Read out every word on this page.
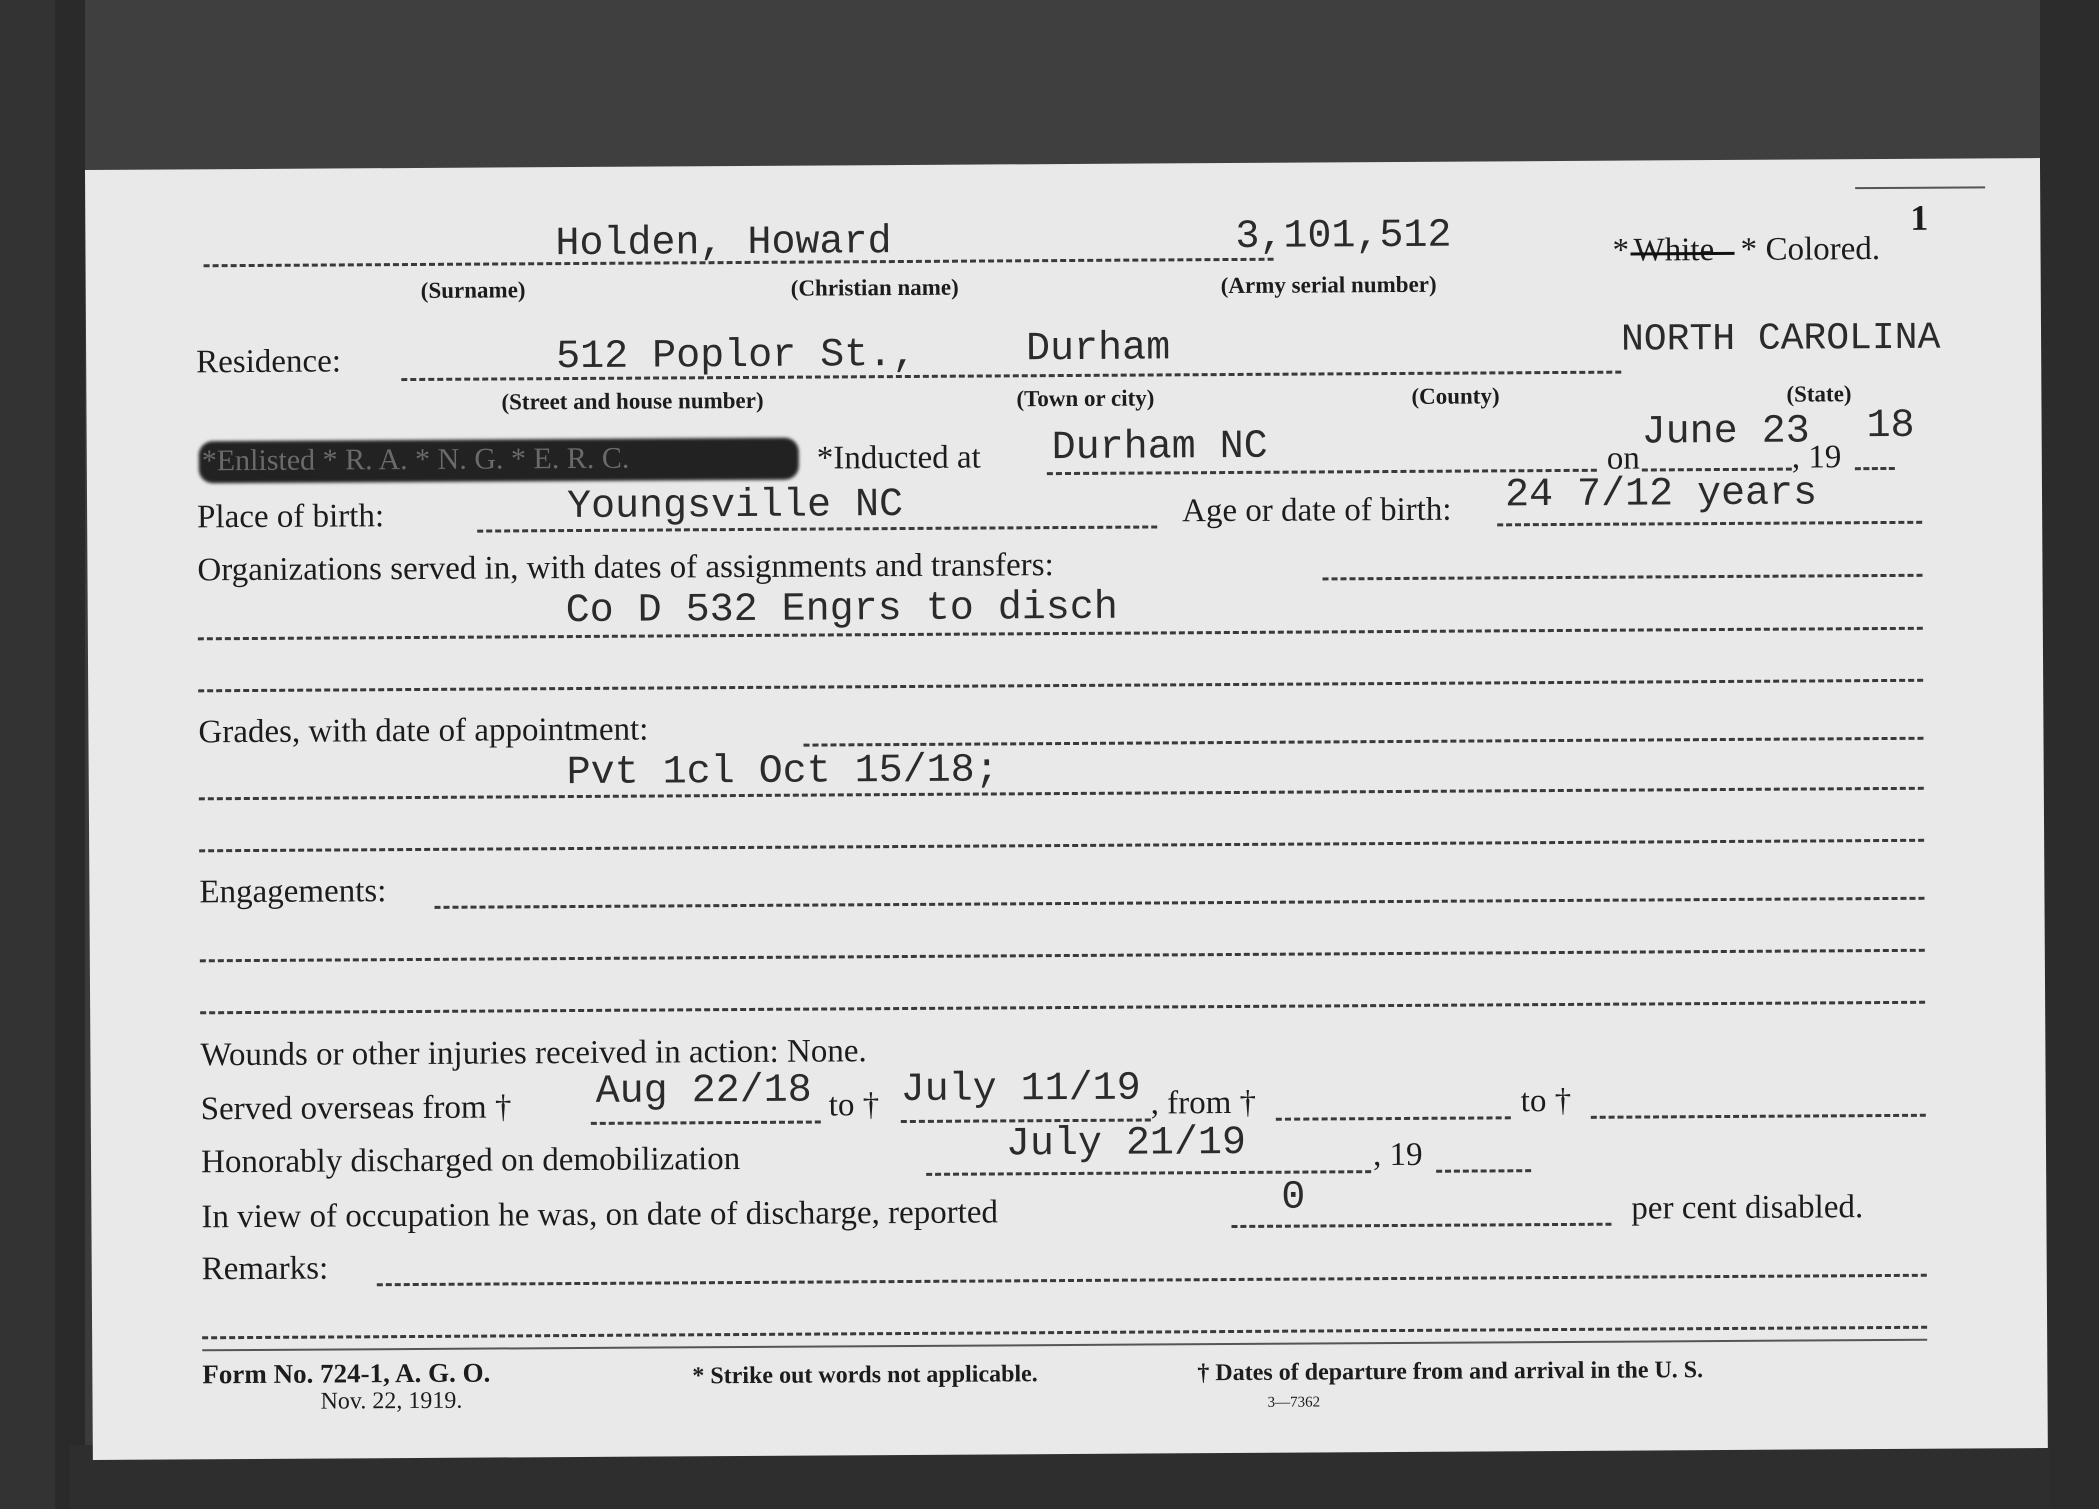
1
Holden, Howard	3,101,512
(Surname)	(Christian name)	(Army serial number)
* White * Colored.
Residence:	512 Poplor St.,	Durham	NORTH CAROLINA
(Street and house number)	(Town or city)	(County)	(State)
*Enlisted * R. A. * N. G. * E. R. C.	*Inducted at Durham NC	on
June 23
, 19
18
Place of birth:	Youngsville NC	Age or date of birth: 24 7/12 years
Organizations served in, with dates of assignments and transfers:
Co D 532 Engrs to disch
Grades, with date of appointment:
Pvt 1cl Oct 15/18;
Engagements:
Wounds or other injuries received in action: None.
Served overseas from † Aug 22/18 to † July 11/19 , from †	to †
Honorably discharged on demobilization	July 21/19	, 19
In view of occupation he was, on date of discharge, reported	0	per cent disabled.
Remarks:
Form No. 724-1, A. G. O.
Nov. 22, 1919.
* Strike out words not applicable.	† Dates of departure from and arrival in the U. S.
3—7362
